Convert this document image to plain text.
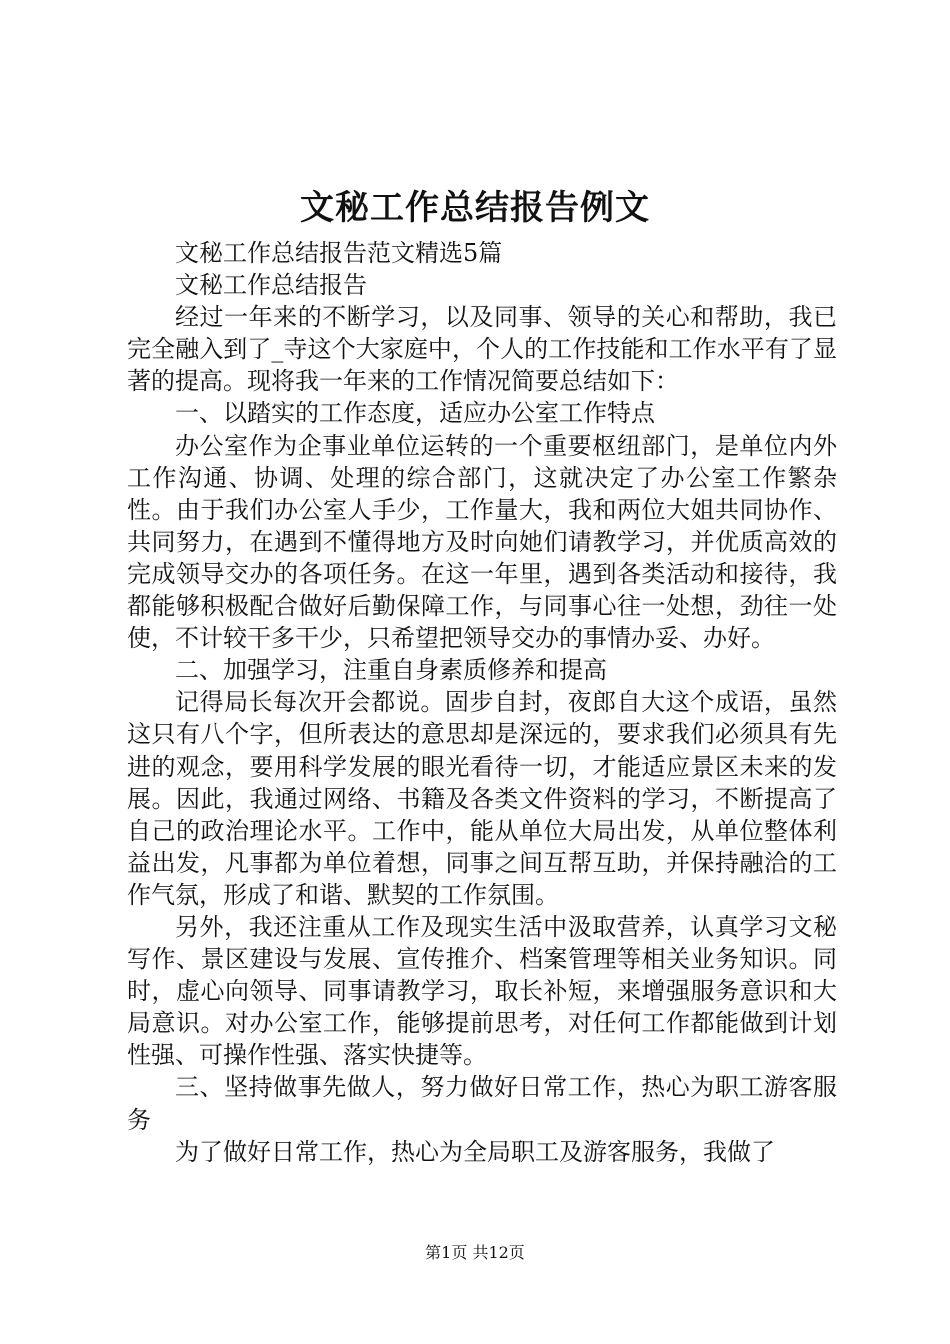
文秘工作总结报告例文

文秘工作总结报告范文精选5篇

文秘工作总结报告

经过一年来的不断学习，以及同事、领导的关心和帮助，我已完全融入到了_寺这个大家庭中，个人的工作技能和工作水平有了显著的提高。现将我一年来的工作情况简要总结如下：

一、以踏实的工作态度，适应办公室工作特点

办公室作为企事业单位运转的一个重要枢纽部门，是单位内外工作沟通、协调、处理的综合部门，这就决定了办公室工作繁杂性。由于我们办公室人手少，工作量大，我和两位大姐共同协作、共同努力，在遇到不懂得地方及时向她们请教学习，并优质高效的完成领导交办的各项任务。在这一年里，遇到各类活动和接待，我都能够积极配合做好后勤保障工作，与同事心往一处想，劲往一处使，不计较干多干少，只希望把领导交办的事情办妥、办好。

二、加强学习，注重自身素质修养和提高

记得局长每次开会都说。固步自封，夜郎自大这个成语，虽然这只有八个字，但所表达的意思却是深远的，要求我们必须具有先进的观念，要用科学发展的眼光看待一切，才能适应景区未来的发展。因此，我通过网络、书籍及各类文件资料的学习，不断提高了自己的政治理论水平。工作中，能从单位大局出发，从单位整体利益出发，凡事都为单位着想，同事之间互帮互助，并保持融洽的工作气氛，形成了和谐、默契的工作氛围。

另外，我还注重从工作及现实生活中汲取营养，认真学习文秘写作、景区建设与发展、宣传推介、档案管理等相关业务知识。同时，虚心向领导、同事请教学习，取长补短，来增强服务意识和大局意识。对办公室工作，能够提前思考，对任何工作都能做到计划性强、可操作性强、落实快捷等。

三、坚持做事先做人，努力做好日常工作，热心为职工游客服务

为了做好日常工作，热心为全局职工及游客服务，我做了

第1页 共12页
